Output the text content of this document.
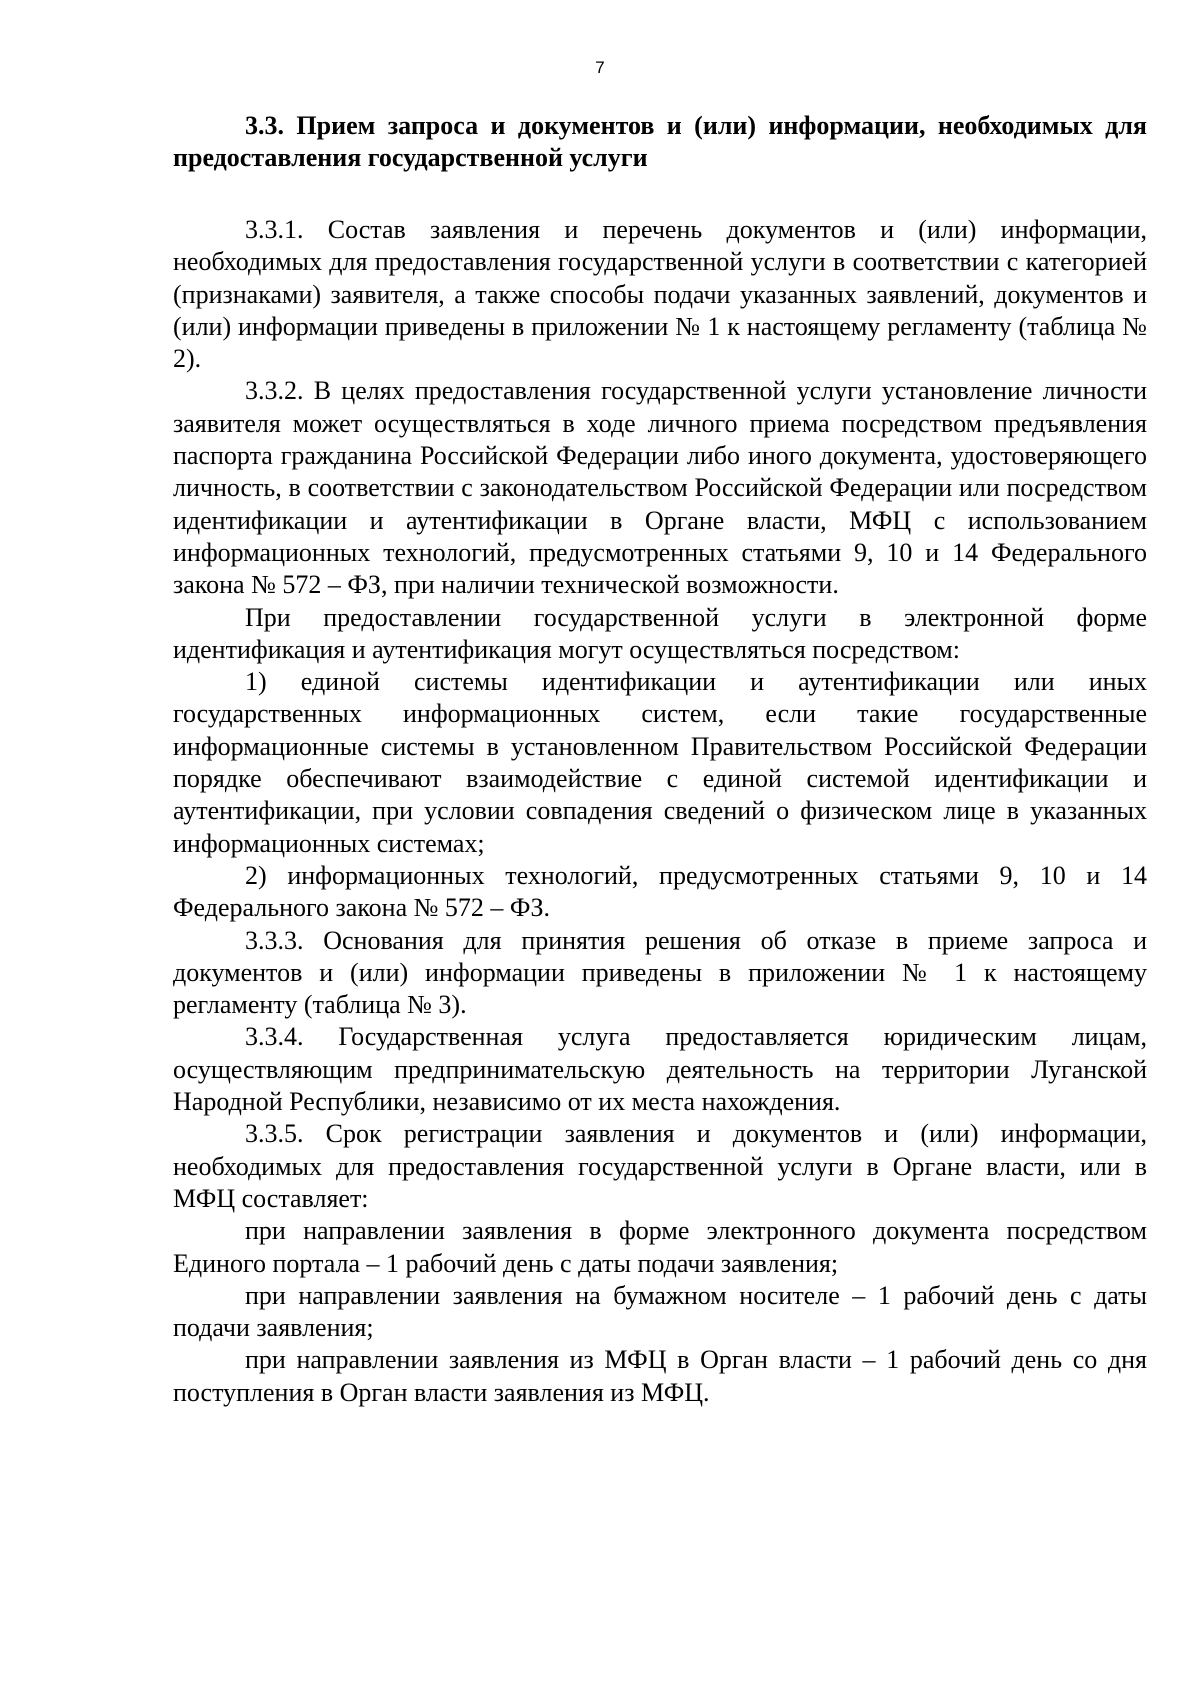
7

3.3. Прием запроса и документов и (или) информации, необходимых для предоставления государственной услуги

3.3.1. Состав заявления и перечень документов и (или) информации, необходимых для предоставления государственной услуги в соответствии с категорией (признаками) заявителя, а также способы подачи указанных заявлений, документов и (или) информации приведены в приложении № 1 к настоящему регламенту (таблица № 2).

3.3.2. В целях предоставления государственной услуги установление личности заявителя может осуществляться в ходе личного приема посредством предъявления паспорта гражданина Российской Федерации либо иного документа, удостоверяющего личность, в соответствии с законодательством Российской Федерации или посредством идентификации и аутентификации в Органе власти, МФЦ с использованием информационных технологий, предусмотренных статьями 9, 10 и 14 Федерального закона № 572 – ФЗ, при наличии технической возможности.

При предоставлении государственной услуги в электронной форме идентификация и аутентификация могут осуществляться посредством:

1) единой системы идентификации и аутентификации или иных государственных информационных систем, если такие государственные информационные системы в установленном Правительством Российской Федерации порядке обеспечивают взаимодействие с единой системой идентификации и аутентификации, при условии совпадения сведений о физическом лице в указанных информационных системах;

2) информационных технологий, предусмотренных статьями 9, 10 и 14 Федерального закона № 572 – ФЗ.

3.3.3. Основания для принятия решения об отказе в приеме запроса и документов и (или) информации приведены в приложении № 1 к настоящему регламенту (таблица № 3).

3.3.4. Государственная услуга предоставляется юридическим лицам, осуществляющим предпринимательскую деятельность на территории Луганской Народной Республики, независимо от их места нахождения.

3.3.5. Срок регистрации заявления и документов и (или) информации, необходимых для предоставления государственной услуги в Органе власти, или в МФЦ составляет:

при направлении заявления в форме электронного документа посредством Единого портала – 1 рабочий день с даты подачи заявления;

при направлении заявления на бумажном носителе – 1 рабочий день с даты подачи заявления;

при направлении заявления из МФЦ в Орган власти – 1 рабочий день со дня поступления в Орган власти заявления из МФЦ.
